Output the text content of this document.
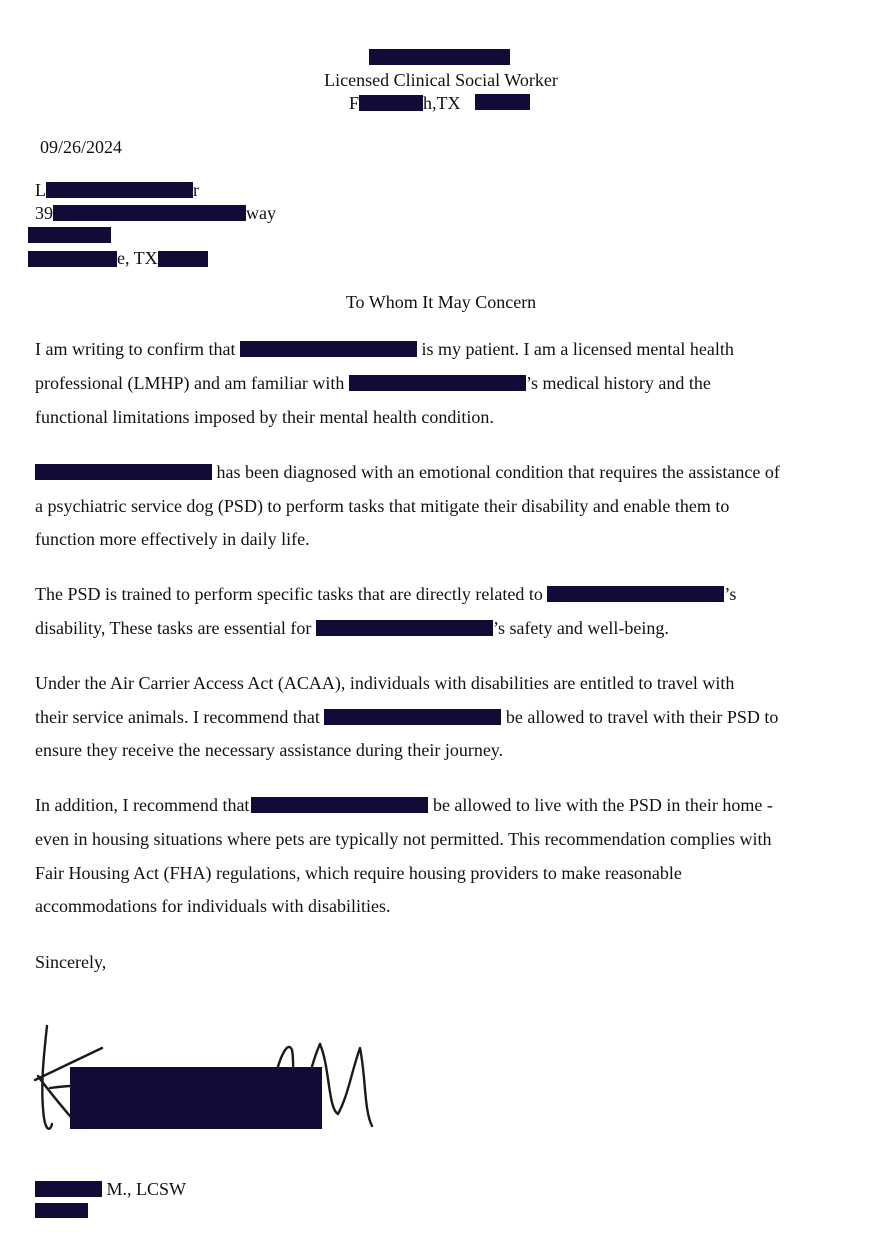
Licensed Clinical Social Worker
F	h,TX
09/26/2024
L	r
39	way
e, TX
To Whom It May Concern
I am writing to confirm that	is my patient. I am a licensed mental health
professional (LMHP) and am familiar with	’s medical history and the
functional limitations imposed by their mental health condition.
has been diagnosed with an emotional condition that requires the assistance of
a psychiatric service dog (PSD) to perform tasks that mitigate their disability and enable them to
function more effectively in daily life.
The PSD is trained to perform specific tasks that are directly related to	’s
disability, These tasks are essential for	’s safety and well-being.
Under the Air Carrier Access Act (ACAA), individuals with disabilities are entitled to travel with
their service animals. I recommend that	be allowed to travel with their PSD to
ensure they receive the necessary assistance during their journey.
In addition, I recommend that	be allowed to live with the PSD in their home -
even in housing situations where pets are typically not permitted. This recommendation complies with
Fair Housing Act (FHA) regulations, which require housing providers to make reasonable
accommodations for individuals with disabilities.
Sincerely,
M., LCSW
